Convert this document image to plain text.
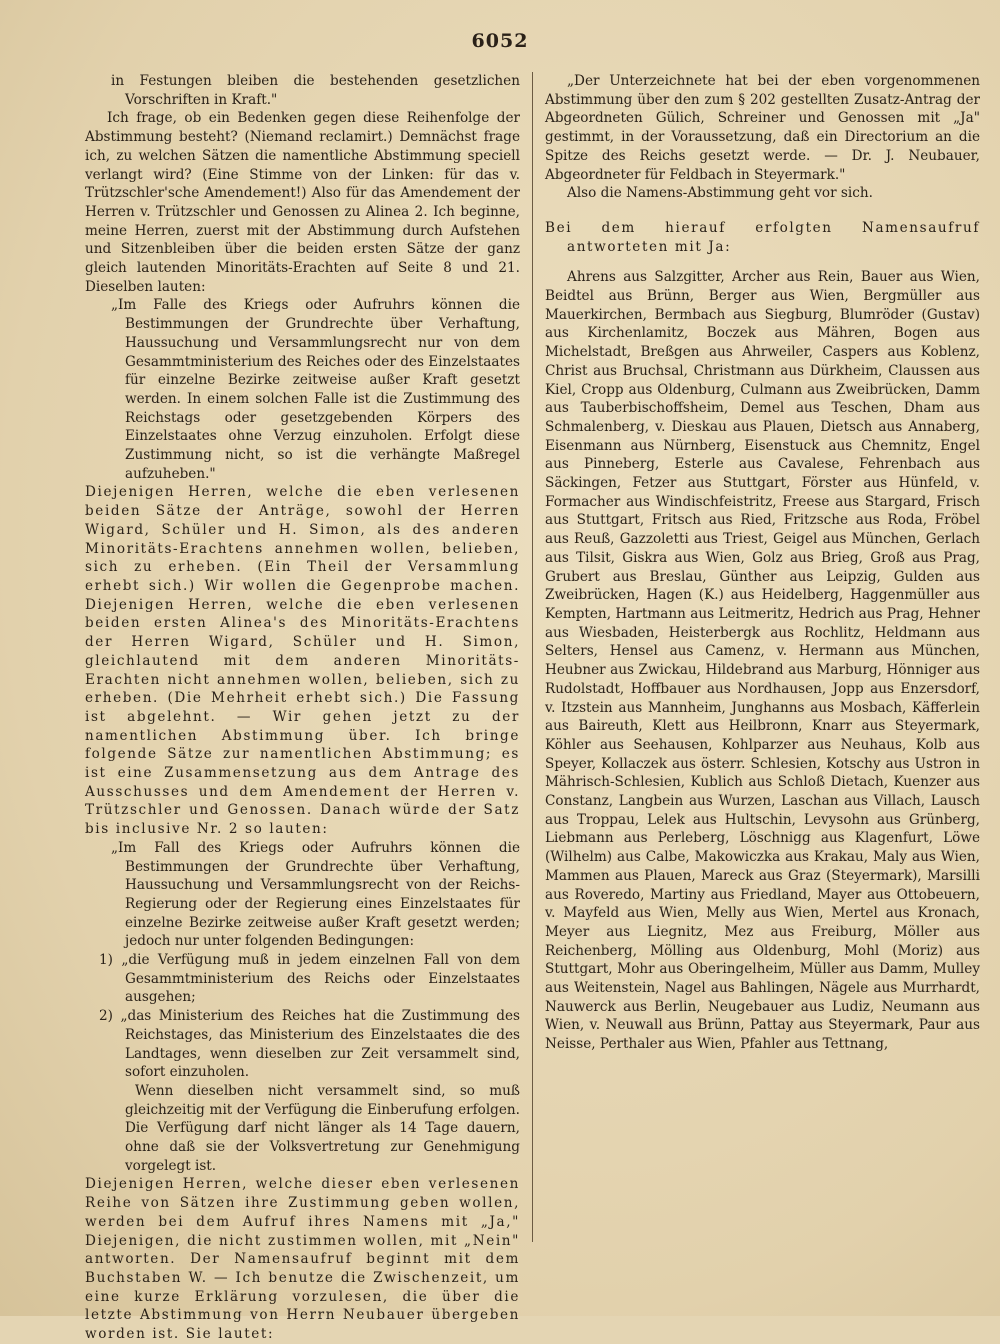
6052

in Festungen bleiben die bestehenden gesetzlichen Vorschriften in Kraft."

Ich frage, ob ein Bedenken gegen diese Reihenfolge der Abstimmung besteht? (Niemand reclamirt.) Demnächst frage ich, zu welchen Sätzen die namentliche Abstimmung speciell verlangt wird? (Eine Stimme von der Linken: für das v. Trützschler'sche Amendement!) Also für das Amendement der Herren v. Trützschler und Genossen zu Alinea 2. Ich beginne, meine Herren, zuerst mit der Abstimmung durch Aufstehen und Sitzenbleiben über die beiden ersten Sätze der ganz gleich lautenden Minoritäts-Erachten auf Seite 8 und 21. Dieselben lauten:

„Im Falle des Kriegs oder Aufruhrs können die Bestimmungen der Grundrechte über Verhaftung, Haussuchung und Versammlungsrecht nur von dem Gesammtministerium des Reiches oder des Einzelstaates für einzelne Bezirke zeitweise außer Kraft gesetzt werden. In einem solchen Falle ist die Zustimmung des Reichstags oder gesetzgebenden Körpers des Einzelstaates ohne Verzug einzuholen. Erfolgt diese Zustimmung nicht, so ist die verhängte Maßregel aufzuheben."

Diejenigen Herren, welche die eben verlesenen beiden Sätze der Anträge, sowohl der Herren Wigard, Schüler und H. Simon, als des anderen Minoritäts-Erachtens annehmen wollen, belieben, sich zu erheben. (Ein Theil der Versammlung erhebt sich.) Wir wollen die Gegenprobe machen. Diejenigen Herren, welche die eben verlesenen beiden ersten Alinea's des Minoritäts-Erachtens der Herren Wigard, Schüler und H. Simon, gleichlautend mit dem anderen Minoritäts-Erachten nicht annehmen wollen, belieben, sich zu erheben. (Die Mehrheit erhebt sich.) Die Fassung ist abgelehnt. — Wir gehen jetzt zu der namentlichen Abstimmung über. Ich bringe folgende Sätze zur namentlichen Abstimmung; es ist eine Zusammensetzung aus dem Antrage des Ausschusses und dem Amendement der Herren v. Trützschler und Genossen. Danach würde der Satz bis inclusive Nr. 2 so lauten:

„Im Fall des Kriegs oder Aufruhrs können die Bestimmungen der Grundrechte über Verhaftung, Haussuchung und Versammlungsrecht von der Reichs-Regierung oder der Regierung eines Einzelstaates für einzelne Bezirke zeitweise außer Kraft gesetzt werden; jedoch nur unter folgenden Bedingungen:

1) „die Verfügung muß in jedem einzelnen Fall von dem Gesammtministerium des Reichs oder Einzelstaates ausgehen;

2) „das Ministerium des Reiches hat die Zustimmung des Reichstages, das Ministerium des Einzelstaates die des Landtages, wenn dieselben zur Zeit versammelt sind, sofort einzuholen.

Wenn dieselben nicht versammelt sind, so muß gleichzeitig mit der Verfügung die Einberufung erfolgen. Die Verfügung darf nicht länger als 14 Tage dauern, ohne daß sie der Volksvertretung zur Genehmigung vorgelegt ist.

Diejenigen Herren, welche dieser eben verlesenen Reihe von Sätzen ihre Zustimmung geben wollen, werden bei dem Aufruf ihres Namens mit „Ja," Diejenigen, die nicht zustimmen wollen, mit „Nein" antworten. Der Namensaufruf beginnt mit dem Buchstaben W. — Ich benutze die Zwischenzeit, um eine kurze Erklärung vorzulesen, die über die letzte Abstimmung von Herrn Neubauer übergeben worden ist. Sie lautet:

„Der Unterzeichnete hat bei der eben vorgenommenen Abstimmung über den zum § 202 gestellten Zusatz-Antrag der Abgeordneten Gülich, Schreiner und Genossen mit „Ja" gestimmt, in der Voraussetzung, daß ein Directorium an die Spitze des Reichs gesetzt werde. — Dr. J. Neubauer, Abgeordneter für Feldbach in Steyermark."

Also die Namens-Abstimmung geht vor sich.

Bei dem hierauf erfolgten Namensaufruf antworteten mit Ja:

Ahrens aus Salzgitter, Archer aus Rein, Bauer aus Wien, Beidtel aus Brünn, Berger aus Wien, Bergmüller aus Mauerkirchen, Bermbach aus Siegburg, Blumröder (Gustav) aus Kirchenlamitz, Boczek aus Mähren, Bogen aus Michelstadt, Breßgen aus Ahrweiler, Caspers aus Koblenz, Christ aus Bruchsal, Christmann aus Dürkheim, Claussen aus Kiel, Cropp aus Oldenburg, Culmann aus Zweibrücken, Damm aus Tauberbischoffsheim, Demel aus Teschen, Dham aus Schmalenberg, v. Dieskau aus Plauen, Dietsch aus Annaberg, Eisenmann aus Nürnberg, Eisenstuck aus Chemnitz, Engel aus Pinneberg, Esterle aus Cavalese, Fehrenbach aus Säckingen, Fetzer aus Stuttgart, Förster aus Hünfeld, v. Formacher aus Windischfeistritz, Freese aus Stargard, Frisch aus Stuttgart, Fritsch aus Ried, Fritzsche aus Roda, Fröbel aus Reuß, Gazzoletti aus Triest, Geigel aus München, Gerlach aus Tilsit, Giskra aus Wien, Golz aus Brieg, Groß aus Prag, Grubert aus Breslau, Günther aus Leipzig, Gulden aus Zweibrücken, Hagen (K.) aus Heidelberg, Haggenmüller aus Kempten, Hartmann aus Leitmeritz, Hedrich aus Prag, Hehner aus Wiesbaden, Heisterbergk aus Rochlitz, Heldmann aus Selters, Hensel aus Camenz, v. Hermann aus München, Heubner aus Zwickau, Hildebrand aus Marburg, Hönniger aus Rudolstadt, Hoffbauer aus Nordhausen, Jopp aus Enzersdorf, v. Itzstein aus Mannheim, Junghanns aus Mosbach, Käfferlein aus Baireuth, Klett aus Heilbronn, Knarr aus Steyermark, Köhler aus Seehausen, Kohlparzer aus Neuhaus, Kolb aus Speyer, Kollaczek aus österr. Schlesien, Kotschy aus Ustron in Mährisch-Schlesien, Kublich aus Schloß Dietach, Kuenzer aus Constanz, Langbein aus Wurzen, Laschan aus Villach, Lausch aus Troppau, Lelek aus Hultschin, Levysohn aus Grünberg, Liebmann aus Perleberg, Löschnigg aus Klagenfurt, Löwe (Wilhelm) aus Calbe, Makowiczka aus Krakau, Maly aus Wien, Mammen aus Plauen, Mareck aus Graz (Steyermark), Marsilli aus Roveredo, Martiny aus Friedland, Mayer aus Ottobeuern, v. Mayfeld aus Wien, Melly aus Wien, Mertel aus Kronach, Meyer aus Liegnitz, Mez aus Freiburg, Möller aus Reichenberg, Mölling aus Oldenburg, Mohl (Moriz) aus Stuttgart, Mohr aus Oberingelheim, Müller aus Damm, Mulley aus Weitenstein, Nagel aus Bahlingen, Nägele aus Murrhardt, Nauwerck aus Berlin, Neugebauer aus Ludiz, Neumann aus Wien, v. Neuwall aus Brünn, Pattay aus Steyermark, Paur aus Neisse, Perthaler aus Wien, Pfahler aus Tettnang,
